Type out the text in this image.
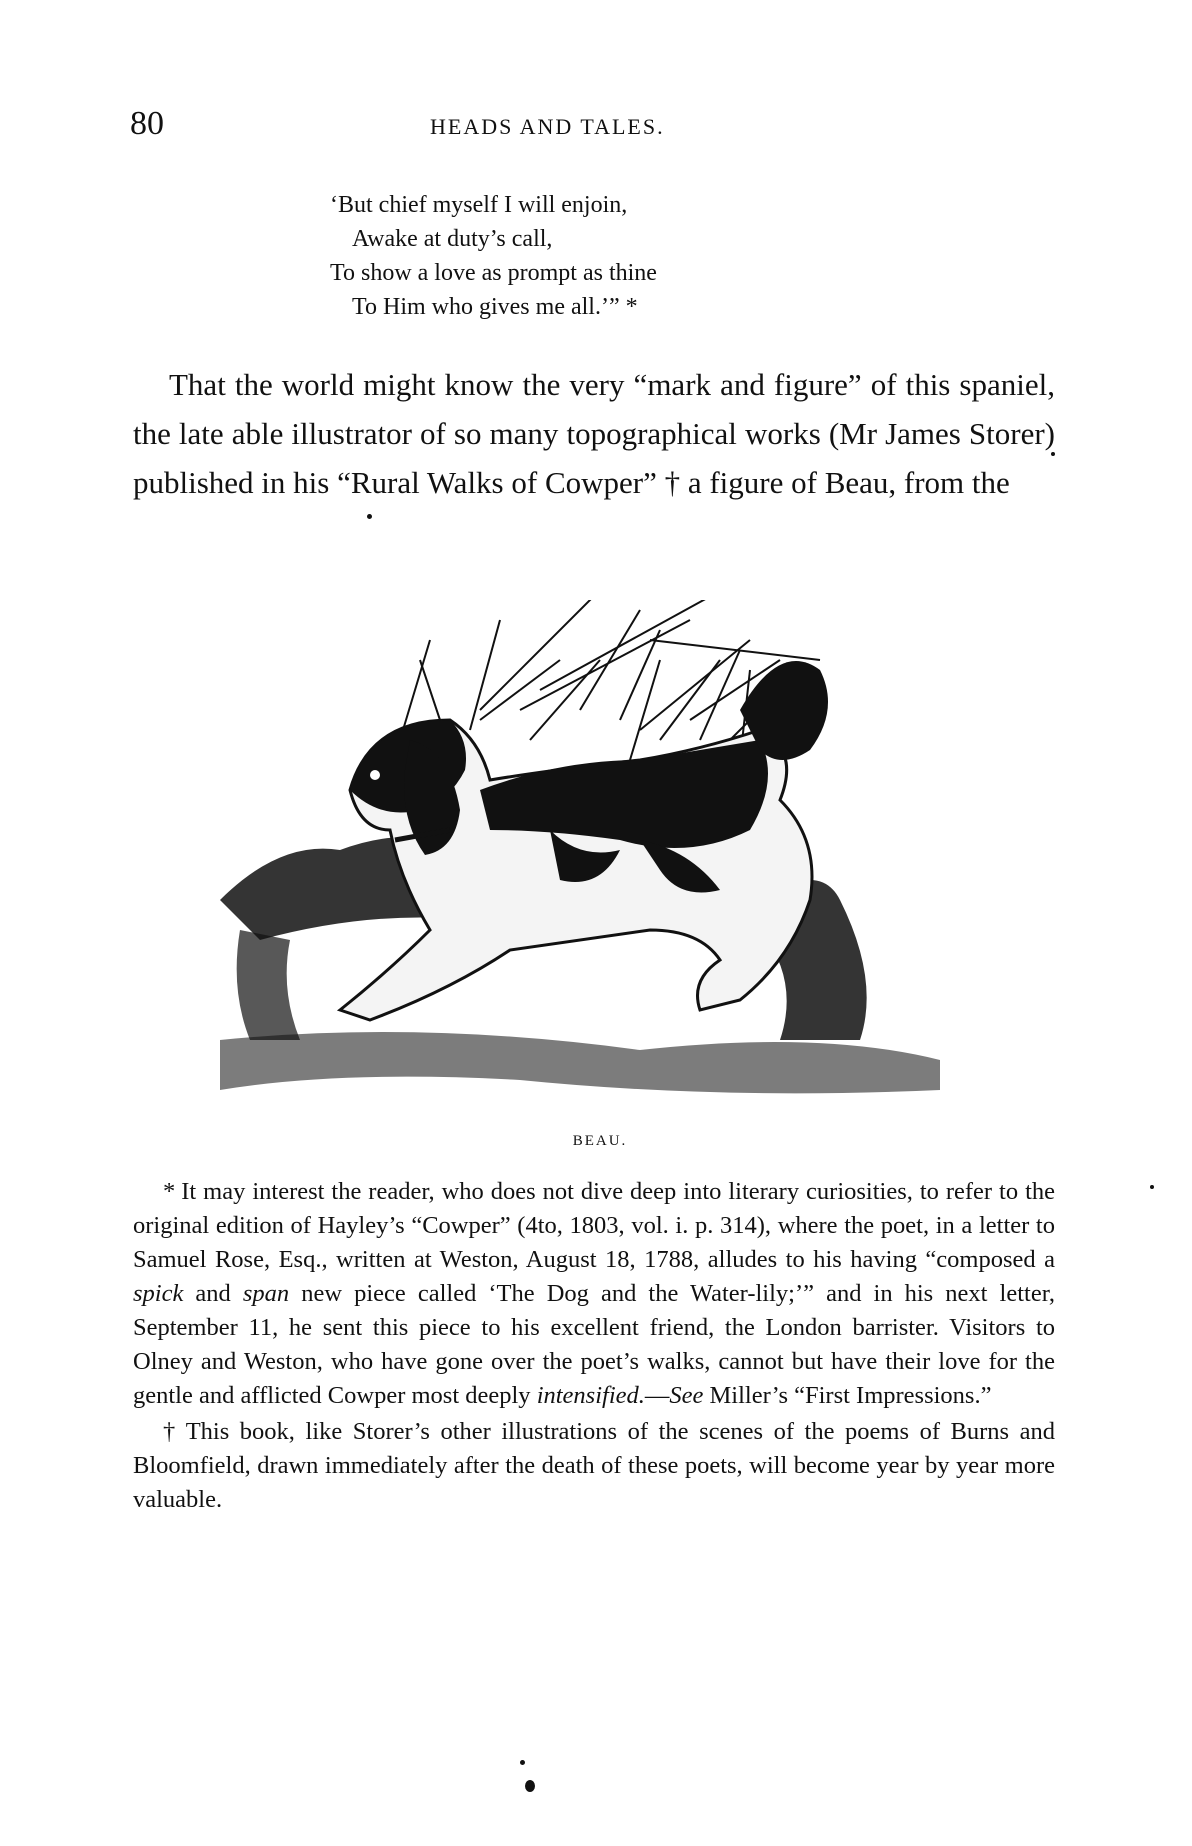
80	HEADS AND TALES.
‘But chief myself I will enjoin,
Awake at duty’s call,
To show a love as prompt as thine
To Him who gives me all.’” *

That the world might know the very “mark and figure” of this spaniel, the late able illustrator of so many topographical works (Mr James Storer) published in his “Rural Walks of Cowper” † a figure of Beau, from the

BEAU.

* It may interest the reader, who does not dive deep into literary curiosities, to refer to the original edition of Hayley’s “Cowper” (4to, 1803, vol. i. p. 314), where the poet, in a letter to Samuel Rose, Esq., written at Weston, August 18, 1788, alludes to his having “composed a spick and span new piece called ‘The Dog and the Water-lily;’” and in his next letter, September 11, he sent this piece to his excellent friend, the London barrister. Visitors to Olney and Weston, who have gone over the poet’s walks, cannot but have their love for the gentle and afflicted Cowper most deeply intensified.—See Miller’s “First Impressions.”

† This book, like Storer’s other illustrations of the scenes of the poems of Burns and Bloomfield, drawn immediately after the death of these poets, will become year by year more valuable.
